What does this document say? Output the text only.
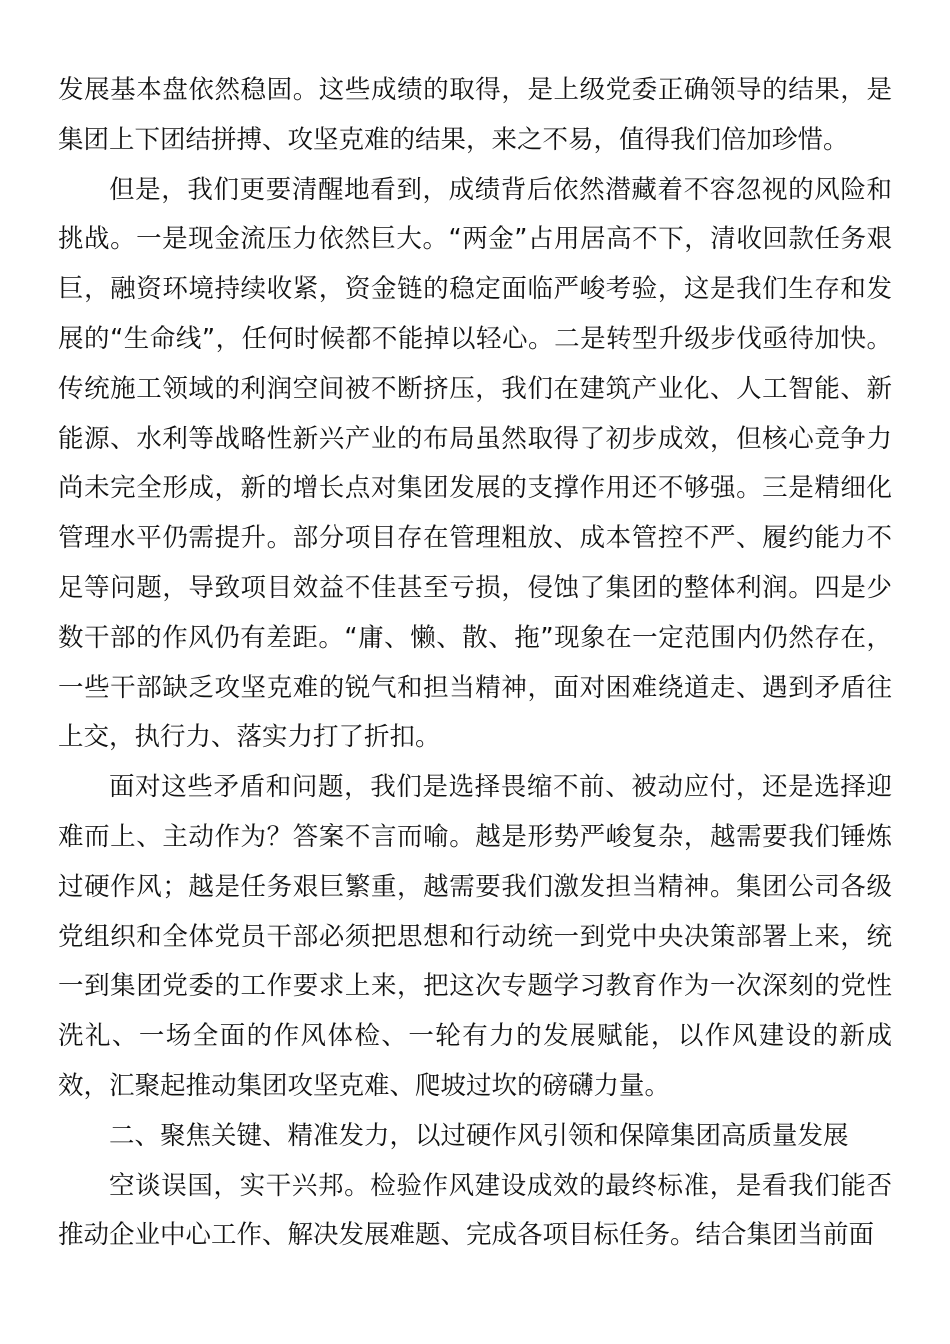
发展基本盘依然稳固。这些成绩的取得，是上级党委正确领导的结果，是集团上下团结拼搏、攻坚克难的结果，来之不易，值得我们倍加珍惜。

但是，我们更要清醒地看到，成绩背后依然潜藏着不容忽视的风险和挑战。一是现金流压力依然巨大。“两金”占用居高不下，清收回款任务艰巨，融资环境持续收紧，资金链的稳定面临严峻考验，这是我们生存和发展的“生命线”，任何时候都不能掉以轻心。二是转型升级步伐亟待加快。传统施工领域的利润空间被不断挤压，我们在建筑产业化、人工智能、新能源、水利等战略性新兴产业的布局虽然取得了初步成效，但核心竞争力尚未完全形成，新的增长点对集团发展的支撑作用还不够强。三是精细化管理水平仍需提升。部分项目存在管理粗放、成本管控不严、履约能力不足等问题，导致项目效益不佳甚至亏损，侵蚀了集团的整体利润。四是少数干部的作风仍有差距。“庸、懒、散、拖”现象在一定范围内仍然存在，一些干部缺乏攻坚克难的锐气和担当精神，面对困难绕道走、遇到矛盾往上交，执行力、落实力打了折扣。

面对这些矛盾和问题，我们是选择畏缩不前、被动应付，还是选择迎难而上、主动作为？答案不言而喻。越是形势严峻复杂，越需要我们锤炼过硬作风；越是任务艰巨繁重，越需要我们激发担当精神。集团公司各级党组织和全体党员干部必须把思想和行动统一到党中央决策部署上来，统一到集团党委的工作要求上来，把这次专题学习教育作为一次深刻的党性洗礼、一场全面的作风体检、一轮有力的发展赋能，以作风建设的新成效，汇聚起推动集团攻坚克难、爬坡过坎的磅礴力量。

二、聚焦关键、精准发力，以过硬作风引领和保障集团高质量发展

空谈误国，实干兴邦。检验作风建设成效的最终标准，是看我们能否推动企业中心工作、解决发展难题、完成各项目标任务。结合集团当前面
